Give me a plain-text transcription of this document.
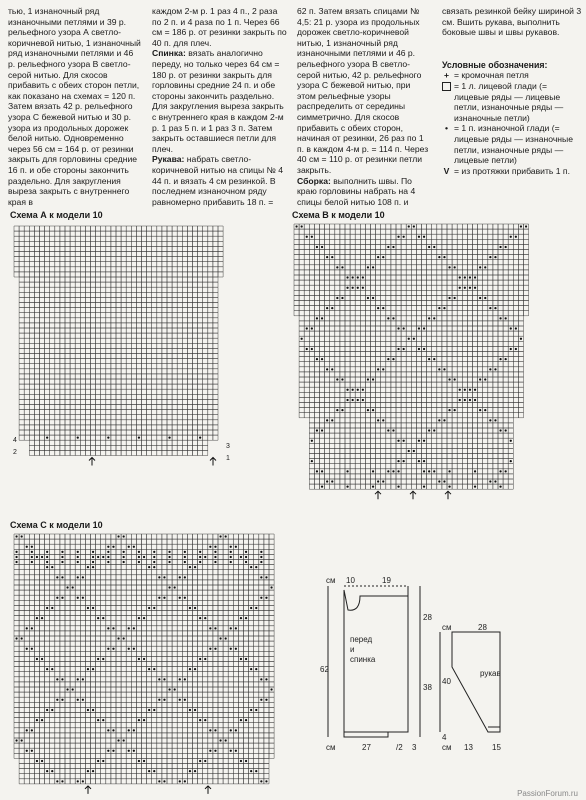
тью, 1 изнаночный ряд изнаночными петлями и 39 р. рельефного узора А светло-коричневой нитью, 1 изнаночный ряд изнаночными петлями и 46 р. рельефного узора В светло-серой нитью. Для скосов прибавить с обеих сторон петли, как показано на схемах = 120 п. Затем вязать 42 р. рельефного узора С бежевой нитью и 30 р. узора из продольных дорожек белой нитью. Одновременно через 56 см = 164 р. от резинки закрыть для горловины средние 16 п. и обе стороны закончить раздельно. Для закругления выреза закрыть с внутреннего края в

каждом 2-м р. 1 раз 4 п., 2 раза по 2 п. и 4 раза по 1 п. Через 66 см = 186 р. от резинки закрыть по 40 п. для плеч.

Спинка: вязать аналогично переду, но только через 64 см = 180 р. от резинки закрыть для горловины средние 24 п. и обе стороны закончить раздельно. Для закругления выреза закрыть с внутреннего края в каждом 2-м р. 1 раз 5 п. и 1 раз 3 п. Затем закрыть оставшиеся петли для плеч.

Рукава: набрать светло-коричневой нитью на спицы № 4 44 п. и вязать 4 см резинкой. В последнем изнаночном ряду равномерно прибавить 18 п. =

62 п. Затем вязать спицами № 4,5: 21 р. узора из продольных дорожек светло-коричневой нитью, 1 изнаночный ряд изнаночными петлями и 46 р. рельефного узора В светло-серой нитью, 42 р. рельефного узора С бежевой нитью, при этом рельефные узоры распределить от середины симметрично. Для скосов прибавить с обеих сторон, начиная от резинки, 26 раз по 1 п. в каждом 4-м р. = 114 п. Через 40 см = 110 р. от резинки петли закрыть.

Сборка: выполнить швы. По краю горловины набрать на 4 спицы белой нитью 108 п. и

связать резинкой бейку шириной 3 см. Вшить рукава, выполнить боковые швы и швы рукавов.

Условные обозначения:
+ = кромочная петля
= 1 л. лицевой глади (= лицевые ряды — лицевые петли, изнаночные ряды — изнаночные петли)
• = 1 п. изнаночной глади (= лицевые ряды — изнаночные петли, изнаночные ряды — лицевые петли)
V = из протяжки прибавить 1 п.
Схема А к модели 10	Схема В к модели 10
Схема С к модели 10
4
2
3
1
10	19
см
28
62
38
перед
и
спинка
см	27	/2 3
28
см
40
рукав
4
см 13 15
PassionForum.ru
